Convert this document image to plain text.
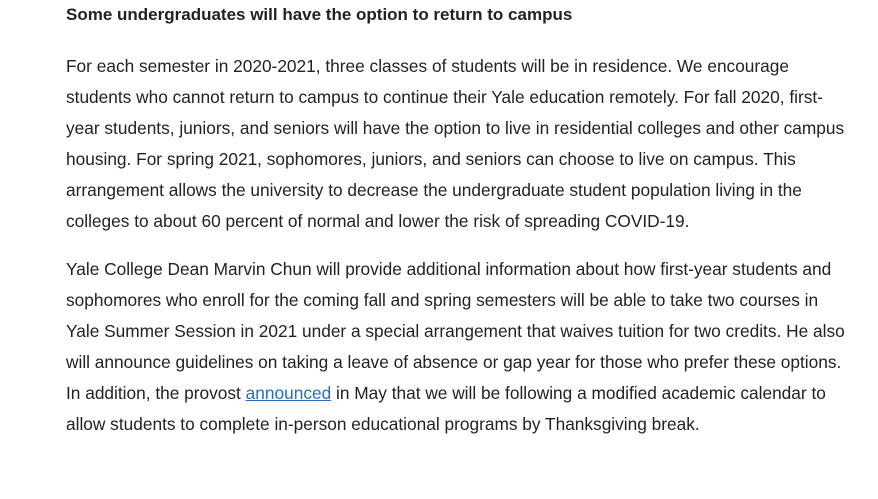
Some undergraduates will have the option to return to campus

For each semester in 2020-2021, three classes of students will be in residence. We encourage students who cannot return to campus to continue their Yale education remotely. For fall 2020, first-year students, juniors, and seniors will have the option to live in residential colleges and other campus housing. For spring 2021, sophomores, juniors, and seniors can choose to live on campus. This arrangement allows the university to decrease the undergraduate student population living in the colleges to about 60 percent of normal and lower the risk of spreading COVID-19.

Yale College Dean Marvin Chun will provide additional information about how first-year students and sophomores who enroll for the coming fall and spring semesters will be able to take two courses in Yale Summer Session in 2021 under a special arrangement that waives tuition for two credits. He also will announce guidelines on taking a leave of absence or gap year for those who prefer these options. In addition, the provost announced in May that we will be following a modified academic calendar to allow students to complete in-person educational programs by Thanksgiving break.
